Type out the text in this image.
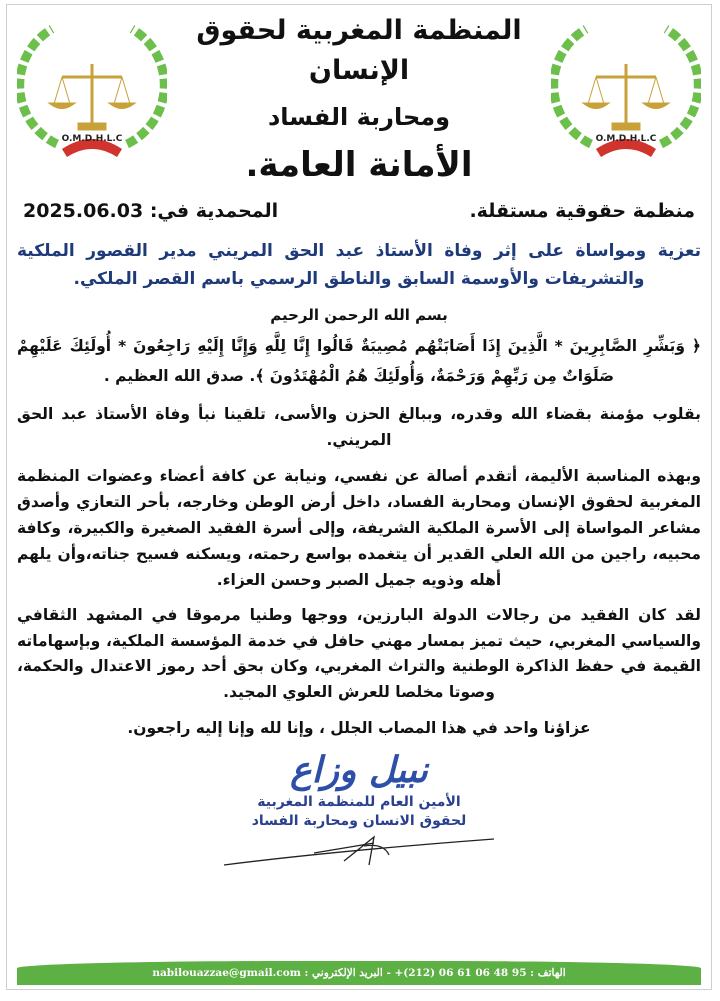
O.M.D.H.L.C
المنظمة المغربية لحقوق الإنسان
ومحاربة الفساد
الأمانة العامة.
O.M.D.H.L.C
منظمة حقوقية مستقلة.
المحمدية في: 2025.06.03
تعزية ومواساة على إثر وفاة الأستاذ عبد الحق المريني مدير القصور الملكية والتشريفات والأوسمة السابق والناطق الرسمي باسم القصر الملكي.
بسم الله الرحمن الرحيم
﴿ وَبَشِّرِ الصَّابِرِينَ * الَّذِينَ إِذَا أَصَابَتْهُم مُصِيبَةٌ قَالُوا إِنَّا لِلَّهِ وَإِنَّا إِلَيْهِ رَاجِعُونَ * أُولَئِكَ عَلَيْهِمْ صَلَوَاتٌ مِن رَبِّهِمْ وَرَحْمَةٌ، وَأُولَئِكَ هُمُ الْمُهْتَدُونَ ﴾. صدق الله العظيم .
بقلوب مؤمنة بقضاء الله وقدره، وببالغ الحزن والأسى، تلقينا نبأ وفاة الأستاذ عبد الحق المريني.
وبهذه المناسبة الأليمة، أتقدم أصالة عن نفسي، ونيابة عن كافة أعضاء وعضوات المنظمة المغربية لحقوق الإنسان ومحاربة الفساد، داخل أرض الوطن وخارجه، بأحر التعازي وأصدق مشاعر المواساة إلى الأسرة الملكية الشريفة، وإلى أسرة الفقيد الصغيرة والكبيرة، وكافة محبيه، راجين من الله العلي القدير أن يتغمده بواسع رحمته، ويسكنه فسيح جناته،وأن يلهم أهله وذويه جميل الصبر وحسن العزاء.
لقد كان الفقيد من رجالات الدولة البارزين، ووجها وطنيا مرموقا في المشهد الثقافي والسياسي المغربي، حيث تميز بمسار مهني حافل في خدمة المؤسسة الملكية، وبإسهاماته القيمة في حفظ الذاكرة الوطنية والتراث المغربي، وكان بحق أحد رموز الاعتدال والحكمة، وصوتا مخلصا للعرش العلوي المجيد.
عزاؤنا واحد في هذا المصاب الجلل ، وإنا لله وإنا إليه راجعون.
نبيل وزاع
الأمين العام للمنظمة المغربية
لحقوق الانسان ومحاربة الفساد
الهاتف : 95 48 06 61 06 (212)+ - البريد الإلكتروني : nabilouazzae@gmail.com
